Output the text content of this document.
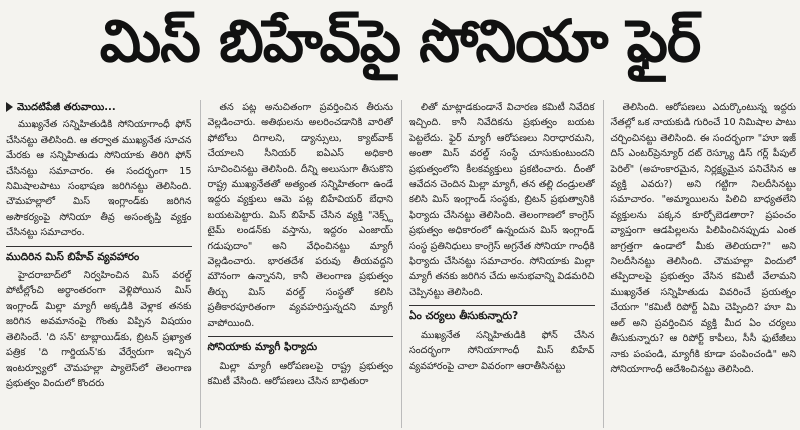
మిస్ బిహేవ్‌పై సోనియా ఫైర్
మొదటిపేజీ తరువాయి...

ముఖ్యనేత సన్నిహితుడికి సోనియాగాంధీ ఫోన్ చేసినట్టు తెలిసింది. ఆ తర్వాత ముఖ్యనేత సూచన మేరకు ఆ సన్నిహితుడు సోనియాకు తిరిగి ఫోన్ చేసినట్టు సమాచారం. ఈ సందర్భంగా 15 నిమిషాలపాటు సంభాషణ జరిగినట్టు తెలిసింది. చౌమహల్లాలో మిస్ ఇంగ్లాండ్‌కు జరిగిన అసౌకర్యంపై సోనియా తీవ్ర అసంతృప్తి వ్యక్తం చేసినట్టు సమాచారం.

ముదిరిన మిస్ బిహేవ్ వ్యవహారం

హైదరాబాద్‌లో నిర్వహించిన మిస్ వరల్డ్ పోటీల్లోంచి అర్ధాంతరంగా వెళ్లిపోయిన మిస్ ఇంగ్లాండ్ మిల్లా మ్యాగీ అక్కడికి వెళ్లాక తనకు జరిగిన అవమానంపై గొంతు విప్పిన విషయం తెలిసిందే. 'ది సన్' టాబ్లాయిడ్‌కు, బ్రిటన్ ప్రఖ్యాత పత్రిక 'ది గార్డియన్'కు వేర్వేరుగా ఇచ్చిన ఇంటర్వ్యూలో చౌమహల్లా ప్యాలెస్‌లో తెలంగాణ ప్రభుత్వం విందులో కొందరు

తన పట్ల అనుచితంగా ప్రవర్తించిన తీరును వెల్లడించారు. అతిథులను అలరించడానికి వారితో ఫోటోలు దిగాలని, డ్యాన్సులు, క్యాట్‌వాక్ చేయాలని సీనియర్ ఐఏఎస్ అధికారి సూచించినట్టు తెలిసింది. దీన్ని అలుసుగా తీసుకొని రాష్ట్ర ముఖ్యనేతతో అత్యంత సన్నిహితంగా ఉండే ఇద్దరు వ్యక్తులు ఆమె పట్ల బిహేవియర్ బేధాని బయటపెట్టారు. మిస్ బిహేవ్ చేసిన వ్యక్తి "నెక్స్ట్ టైమ్ లండన్‌కు వస్తాను, ఇద్దరం ఎంజాయ్ గడుపుదాం" అని వేధించినట్టు మ్యాగీ వెల్లడించారు. భారతదేశ పరువు తీయవద్దని మౌనంగా ఉన్నానని, కానీ తెలంగాణ ప్రభుత్వం తీర్చు మిస్ వరల్డ్ సంస్థతో కలిసి ప్రతీకారపూరితంగా వ్యవహరిస్తున్నదని మ్యాగీ వాపోయింది.

సోనియాకు మ్యాగీ ఫిర్యాదు

మిల్లా మ్యాగీ ఆరోపణలపై రాష్ట్ర ప్రభుత్వం కమిటీ వేసింది. ఆరోపణలు చేసిన బాధితురా

లితో మాట్లాడకుండానే విచారణ కమిటీ నివేదిక ఇచ్చింది. కానీ నివేదికను ప్రభుత్వం బయట పెట్టలేదు. ఫైర్ మ్యాగీ ఆరోపణలు నిరాధారమని, అంతా మిస్ వరల్డ్ సంస్థే చూసుకుంటుందని ప్రభుత్వంలోని కీలకవ్యక్తులు ప్రకటించారు. దీంతో ఆవేదన చెందిన మిల్లా మ్యాగీ, తన తల్లి దండ్రులతో కలిసి మిస్ ఇంగ్లాండ్ సంస్థకు, బ్రిటన్ ప్రభుత్వానికి ఫిర్యాదు చేసినట్టు తెలిసింది. తెలంగాణలో కాంగ్రెస్ ప్రభుత్వం అధికారంలో ఉన్నందున మిస్ ఇంగ్లాండ్ సంస్థ ప్రతినిధులు కాంగ్రెస్ అగ్రనేత సోనియా గాంధీకి ఫిర్యాదు చేసినట్టు సమాచారం. సోనియాకు మిల్లా మ్యాగీ తనకు జరిగిన చేదు అనుభవాన్ని విడమరిచి చెప్పినట్టు తెలిసింది.

ఏం చర్యలు తీసుకున్నారు?

ముఖ్యనేత సన్నిహితుడికి ఫోన్ చేసిన సందర్భంగా సోనియాగాంధీ మిస్ బిహేవ్ వ్యవహారంపై చాలా వివరంగా ఆరాతీసినట్టు

తెలిసింది. ఆరోపణలు ఎదుర్కొంటున్న ఇద్దరు నేతల్లో ఒక నాయకుడి గురించే 10 నిమిషాల పాటు చర్చించినట్టు తెలిసింది. ఈ సందర్భంగా "హూ ఇజ్ దిస్ ఎంటర్‌ప్రెన్యూర్ దట్ రెస్క్యూ డిస్ గర్ల్ పీపుల్ పెరిల్" (అహంకారమైన, నిర్లక్ష్యమైన పనిచేసిన ఆ వ్యక్తి ఎవరు?) అని గట్టిగా నిలదీసినట్టు సమాచారం. "అమ్మాయిలను పిలిచి బాధ్యతలేని వ్యక్తులను పక్కన కూర్చోబెడతారా? ప్రపంచం వ్యాప్తంగా ఆడపిల్లలను పిలిపించినప్పుడు ఎంత జాగ్రత్తగా ఉండాలో మీకు తెలియదా?" అని నిలదీసినట్టు తెలిసింది. చౌమహల్లా విందులో తప్పిదాలపై ప్రభుత్వం వేసిన కమిటీ వేలామని ముఖ్యనేత సన్నిహితుడు వివరించే ప్రయత్నం చేయగా "కమిటీ రిపోర్ట్ ఏమి చెప్పింది? హూ మి ఆల్ అని ప్రవర్తించిన వ్యక్తి మీద ఏం చర్యలు తీసుకున్నారు? ఆ రిపోర్ట్ కాపీలు, సీసీ ఫుటేజీలు నాకు పంపండి, మ్యాగీకి కూడా పంపించండి" అని సోనియాగాంధీ ఆదేశించినట్టు తెలిసింది.
